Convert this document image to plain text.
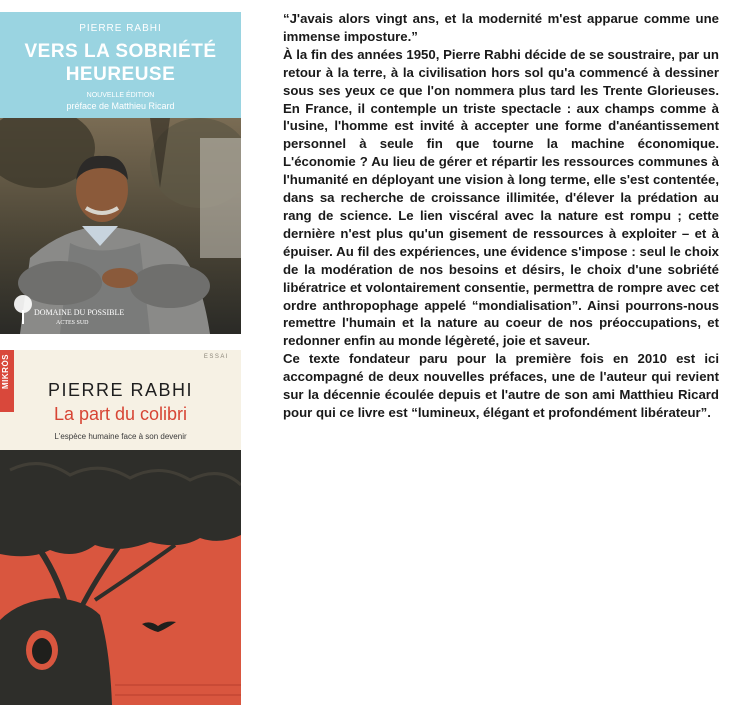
PIERRE RABHI
VERS LA SOBRIÉTÉ
HEUREUSE
NOUVELLE ÉDITION
préface de Matthieu Ricard
DOMAINE DU POSSIBLE
ACTES SUD
MIKRÓS	ESSAI
PIERRE RABHI
La part du colibri
L'espèce humaine face à son devenir

“J'avais alors vingt ans, et la modernité m'est apparue comme une immense imposture.”

À la fin des années 1950, Pierre Rabhi décide de se soustraire, par un retour à la terre, à la civilisation hors sol qu'a commencé à dessiner sous ses yeux ce que l'on nommera plus tard les Trente Glorieuses. En France, il contemple un triste spectacle : aux champs comme à l'usine, l'homme est invité à accepter une forme d'anéantissement personnel à seule fin que tourne la machine économique. L'économie ? Au lieu de gérer et répartir les ressources communes à l'humanité en déployant une vision à long terme, elle s'est contentée, dans sa recherche de croissance illimitée, d'élever la prédation au rang de science. Le lien viscéral avec la nature est rompu ; cette dernière n'est plus qu'un gisement de ressources à exploiter – et à épuiser. Au fil des expériences, une évidence s'impose : seul le choix de la modération de nos besoins et désirs, le choix d'une sobriété libératrice et volontairement consentie, permettra de rompre avec cet ordre anthropophage appelé “mondialisation”. Ainsi pourrons-nous remettre l'humain et la nature au coeur de nos préoccupations, et redonner enfin au monde légèreté, joie et saveur.

Ce texte fondateur paru pour la première fois en 2010 est ici accompagné de deux nouvelles préfaces, une de l'auteur qui revient sur la décennie écoulée depuis et l'autre de son ami Matthieu Ricard pour qui ce livre est “lumineux, élégant et profondément libérateur”.
